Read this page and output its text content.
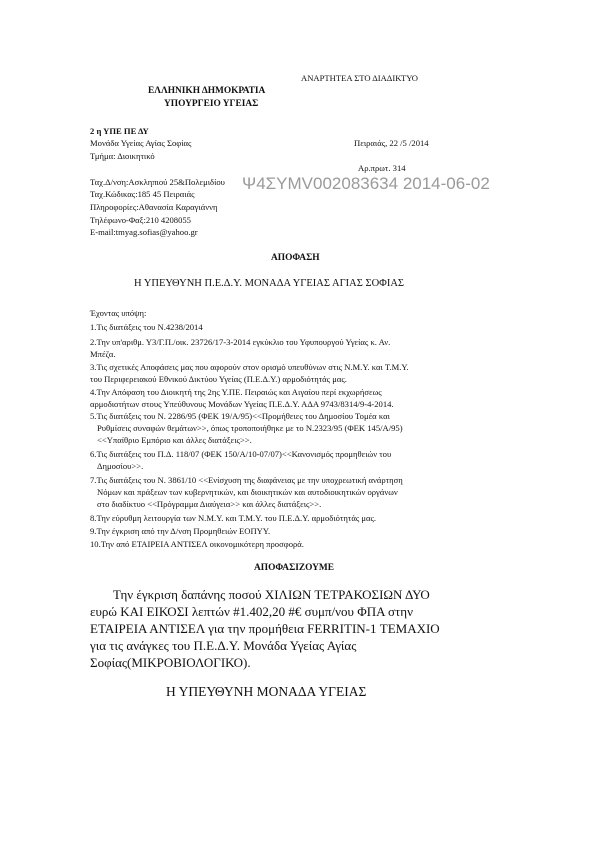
ΑΝΑΡΤΗΤΕΑ ΣΤΟ ΔΙΑΔΙΚΤΥΟ
ΕΛΛΗΝΙΚΗ ΔΗΜΟΚΡΑΤΙΑ
ΥΠΟΥΡΓΕΙΟ ΥΓΕΙΑΣ
2 η ΥΠΕ ΠΕ ΔΥ
Μονάδα Υγείας Αγίας Σοφίας	Πειραιάς, 22 /5 /2014
Τμήμα: Διοικητικό
Αρ.πρωτ. 314
Ταχ.Δ/νση:Ασκληπιού 25&Πολεμιδίου Ψ4ΣΥΜV002083634 2014-06-02
Ταχ.Κώδικας:185 45 Πειραιάς
Πληροφορίες:Αθανασία Καραγιάννη
Τηλέφωνο-Φαξ:210 4208055
E-mail:tmyag.sofias@yahoo.gr
ΑΠΟΦΑΣΗ
Η ΥΠΕΥΘΥΝΗ Π.Ε.Δ.Υ. ΜΟΝΑΔΑ ΥΓΕΙΑΣ ΑΓΙΑΣ ΣΟΦΙΑΣ
Έχοντας υπόψη:
1.Τις διατάξεις του Ν.4238/2014
2.Την υπ'αριθμ. Υ3/Γ.Π./οικ. 23726/17-3-2014 εγκύκλιο του Υφυπουργού Υγείας κ. Αν.
Μπέζα.
3.Τις σχετικές Αποφάσεις μας που αφορούν στον ορισμό υπευθύνων στις Ν.Μ.Υ. και Τ.Μ.Υ.
του Περιφερειακού Εθνικού Δικτύου Υγείας (Π.Ε.Δ.Υ.) αρμοδιότητάς μας.
4.Την Απόφαση του Διοικητή της 2ης Υ.ΠΕ. Πειραιώς και Αιγαίου περί εκχωρήσεως
αρμοδιοτήτων στους Υπεύθυνους Μονάδων Υγείας Π.Ε.Δ.Υ. ΑΔΑ 9743/8314/9-4-2014.
5.Τις διατάξεις του Ν. 2286/95 (ΦΕΚ 19/Α/95)<<Προμήθειες του Δημοσίου Τομέα και
Ρυθμίσεις συναφών θεμάτων>>, όπως τροποποιήθηκε με το Ν.2323/95 (ΦΕΚ 145/Α/95)
<<Υπαίθριο Εμπόριο και άλλες διατάξεις>>.
6.Τις διατάξεις του Π.Δ. 118/07 (ΦΕΚ 150/Α/10-07/07)<<Κανονισμός προμηθειών του
Δημοσίου>>.
7.Τις διατάξεις του Ν. 3861/10 <<Ενίσχυση της διαφάνειας με την υποχρεωτική ανάρτηση
Νόμων και πράξεων των κυβερνητικών, και διοικητικών και αυτοδιοικητικών οργάνων
στο διαδίκτυο <<Πρόγραμμα Διαύγεια>> και άλλες διατάξεις>>.
8.Την εύρυθμη λειτουργία των Ν.Μ.Υ. και Τ.Μ.Υ. του Π.Ε.Δ.Υ. αρμοδιότητάς μας.
9.Την έγκριση από την Δ/νση Προμηθειών ΕΟΠΥΥ.
10.Την από ΕΤΑΙΡΕΙΑ ΑΝΤΙΣΕΛ οικονομικότερη προσφορά.
ΑΠΟΦΑΣΙΖΟΥΜΕ
Την έγκριση δαπάνης ποσού ΧΙΛΙΩΝ ΤΕΤΡΑΚΟΣΙΩΝ ΔΥΟ
ευρώ ΚΑΙ ΕΙΚΟΣΙ λεπτών #1.402,20 #€ συμπ/νου ΦΠΑ στην
ΕΤΑΙΡΕΙΑ ΑΝΤΙΣΕΛ για την προμήθεια FERRITIN-1 ΤΕΜΑΧΙΟ
για τις ανάγκες του Π.Ε.Δ.Υ. Μονάδα Υγείας Αγίας
Σοφίας(ΜΙΚΡΟΒΙΟΛΟΓΙΚΟ).
Η ΥΠΕΥΘΥΝΗ ΜΟΝΑΔΑ ΥΓΕΙΑΣ
